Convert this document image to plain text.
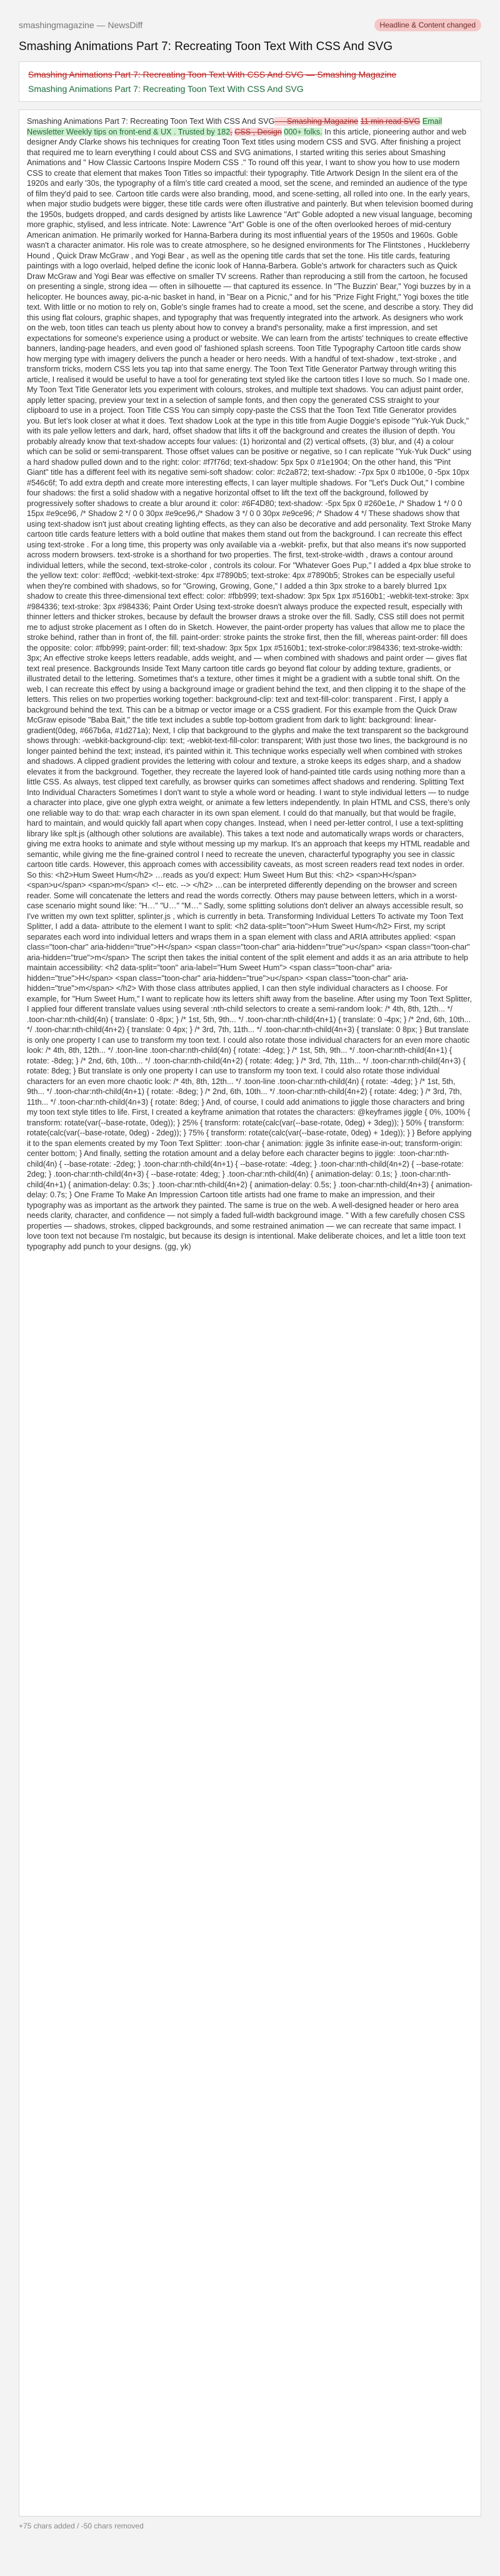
smashingmagazine — NewsDiff	Headline & Content changed
Smashing Animations Part 7: Recreating Toon Text With CSS And SVG
Smashing Animations Part 7: Recreating Toon Text With CSS And SVG — Smashing Magazine
Smashing Animations Part 7: Recreating Toon Text With CSS And SVG
Smashing Animations Part 7: Recreating Toon Text With CSS And SVG — Smashing Magazine 11 min read SVG Email Newsletter Weekly tips on front-end & UX . Trusted by 182, CSS , Design 000+ folks. In this article, pioneering author and web designer Andy Clarke shows his techniques for creating Toon Text titles using modern CSS and SVG. After finishing a project that required me to learn everything I could about CSS and SVG animations, I started writing this series about Smashing Animations and " How Classic Cartoons Inspire Modern CSS ." To round off this year, I want to show you how to use modern CSS to create that element that makes Toon Titles so impactful: their typography. Title Artwork Design In the silent era of the 1920s and early '30s, the typography of a film's title card created a mood, set the scene, and reminded an audience of the type of film they'd paid to see. Cartoon title cards were also branding, mood, and scene-setting, all rolled into one. In the early years, when major studio budgets were bigger, these title cards were often illustrative and painterly. But when television boomed during the 1950s, budgets dropped, and cards designed by artists like Lawrence "Art" Goble adopted a new visual language, becoming more graphic, stylised, and less intricate. Note: Lawrence "Art" Goble is one of the often overlooked heroes of mid-century American animation. He primarily worked for Hanna-Barbera during its most influential years of the 1950s and 1960s. Goble wasn't a character animator. His role was to create atmosphere, so he designed environments for The Flintstones , Huckleberry Hound , Quick Draw McGraw , and Yogi Bear , as well as the opening title cards that set the tone. His title cards, featuring paintings with a logo overlaid, helped define the iconic look of Hanna-Barbera. Goble's artwork for characters such as Quick Draw McGraw and Yogi Bear was effective on smaller TV screens. Rather than reproducing a still from the cartoon, he focused on presenting a single, strong idea — often in silhouette — that captured its essence. In "The Buzzin' Bear," Yogi buzzes by in a helicopter. He bounces away, pic-a-nic basket in hand, in "Bear on a Picnic," and for his "Prize Fight Fright," Yogi boxes the title text. With little or no motion to rely on, Goble's single frames had to create a mood, set the scene, and describe a story. They did this using flat colours, graphic shapes, and typography that was frequently integrated into the artwork. As designers who work on the web, toon titles can teach us plenty about how to convey a brand's personality, make a first impression, and set expectations for someone's experience using a product or website. We can learn from the artists' techniques to create effective banners, landing-page headers, and even good ol' fashioned splash screens. Toon Title Typography Cartoon title cards show how merging type with imagery delivers the punch a header or hero needs. With a handful of text-shadow , text-stroke , and transform tricks, modern CSS lets you tap into that same energy. The Toon Text Title Generator Partway through writing this article, I realised it would be useful to have a tool for generating text styled like the cartoon titles I love so much. So I made one. My Toon Text Title Generator lets you experiment with colours, strokes, and multiple text shadows. You can adjust paint order, apply letter spacing, preview your text in a selection of sample fonts, and then copy the generated CSS straight to your clipboard to use in a project. Toon Title CSS You can simply copy-paste the CSS that the Toon Text Title Generator provides you. But let's look closer at what it does. Text shadow Look at the type in this title from Augie Doggie's episode "Yuk-Yuk Duck," with its pale yellow letters and dark, hard, offset shadow that lifts it off the background and creates the illusion of depth. You probably already know that text-shadow accepts four values: (1) horizontal and (2) vertical offsets, (3) blur, and (4) a colour which can be solid or semi-transparent. Those offset values can be positive or negative, so I can replicate "Yuk-Yuk Duck" using a hard shadow pulled down and to the right: color: #f7f76d; text-shadow: 5px 5px 0 #1e1904; On the other hand, this "Pint Giant" title has a different feel with its negative semi-soft shadow: color: #c2a872; text-shadow: -7px 5px 0 #b100e, 0 -5px 10px #546c6f; To add extra depth and create more interesting effects, I can layer multiple shadows. For "Let's Duck Out," I combine four shadows: the first a solid shadow with a negative horizontal offset to lift the text off the background, followed by progressively softer shadows to create a blur around it: color: #6F4D80; text-shadow: -5px 5px 0 #260e1e, /* Shadow 1 */ 0 0 15px #e9ce96, /* Shadow 2 */ 0 0 30px #e9ce96,/* Shadow 3 */ 0 0 30px #e9ce96; /* Shadow 4 */ These shadows show that using text-shadow isn't just about creating lighting effects, as they can also be decorative and add personality. Text Stroke Many cartoon title cards feature letters with a bold outline that makes them stand out from the background. I can recreate this effect using text-stroke . For a long time, this property was only available via a -webkit- prefix, but that also means it's now supported across modern browsers. text-stroke is a shorthand for two properties. The first, text-stroke-width , draws a contour around individual letters, while the second, text-stroke-color , controls its colour. For "Whatever Goes Pup," I added a 4px blue stroke to the yellow text: color: #eff0cd; -webkit-text-stroke: 4px #7890b5; text-stroke: 4px #7890b5; Strokes can be especially useful when they're combined with shadows, so for "Growing, Growing, Gone," I added a thin 3px stroke to a barely blurred 1px shadow to create this three-dimensional text effect: color: #fbb999; text-shadow: 3px 5px 1px #5160b1; -webkit-text-stroke: 3px #984336; text-stroke: 3px #984336; Paint Order Using text-stroke doesn't always produce the expected result, especially with thinner letters and thicker strokes, because by default the browser draws a stroke over the fill. Sadly, CSS still does not permit me to adjust stroke placement as I often do in Sketch. However, the paint-order property has values that allow me to place the stroke behind, rather than in front of, the fill. paint-order: stroke paints the stroke first, then the fill, whereas paint-order: fill does the opposite: color: #fbb999; paint-order: fill; text-shadow: 3px 5px 1px #5160b1; text-stroke-color:#984336; text-stroke-width: 3px; An effective stroke keeps letters readable, adds weight, and — when combined with shadows and paint order — gives flat text real presence. Backgrounds Inside Text Many cartoon title cards go beyond flat colour by adding texture, gradients, or illustrated detail to the lettering. Sometimes that's a texture, other times it might be a gradient with a subtle tonal shift. On the web, I can recreate this effect by using a background image or gradient behind the text, and then clipping it to the shape of the letters. This relies on two properties working together: background-clip: text and text-fill-color: transparent . First, I apply a background behind the text. This can be a bitmap or vector image or a CSS gradient. For this example from the Quick Draw McGraw episode "Baba Bait," the title text includes a subtle top-bottom gradient from dark to light: background: linear-gradient(0deg, #667b6a, #1d271a); Next, I clip that background to the glyphs and make the text transparent so the background shows through: -webkit-background-clip: text; -webkit-text-fill-color: transparent; With just those two lines, the background is no longer painted behind the text; instead, it's painted within it. This technique works especially well when combined with strokes and shadows. A clipped gradient provides the lettering with colour and texture, a stroke keeps its edges sharp, and a shadow elevates it from the background. Together, they recreate the layered look of hand-painted title cards using nothing more than a little CSS. As always, test clipped text carefully, as browser quirks can sometimes affect shadows and rendering. Splitting Text Into Individual Characters Sometimes I don't want to style a whole word or heading. I want to style individual letters — to nudge a character into place, give one glyph extra weight, or animate a few letters independently. In plain HTML and CSS, there's only one reliable way to do that: wrap each character in its own span element. I could do that manually, but that would be fragile, hard to maintain, and would quickly fall apart when copy changes. Instead, when I need per-letter control, I use a text-splitting library like splt.js (although other solutions are available). This takes a text node and automatically wraps words or characters, giving me extra hooks to animate and style without messing up my markup. It's an approach that keeps my HTML readable and semantic, while giving me the fine-grained control I need to recreate the uneven, characterful typography you see in classic cartoon title cards. However, this approach comes with accessibility caveats, as most screen readers read text nodes in order. So this: <h2>Hum Sweet Hum</h2> …reads as you'd expect: Hum Sweet Hum But this: <h2> <span>H</span> <span>u</span> <span>m</span> <!-- etc. --> </h2> …can be interpreted differently depending on the browser and screen reader. Some will concatenate the letters and read the words correctly. Others may pause between letters, which in a worst-case scenario might sound like: "H…" "U…" "M…" Sadly, some splitting solutions don't deliver an always accessible result, so I've written my own text splitter, splinter.js , which is currently in beta. Transforming Individual Letters To activate my Toon Text Splitter, I add a data- attribute to the element I want to split: <h2 data-split="toon">Hum Sweet Hum</h2> First, my script separates each word into individual letters and wraps them in a span element with class and ARIA attributes applied: <span class="toon-char" aria-hidden="true">H</span> <span class="toon-char" aria-hidden="true">u</span> <span class="toon-char" aria-hidden="true">m</span> The script then takes the initial content of the split element and adds it as an aria attribute to help maintain accessibility: <h2 data-split="toon" aria-label="Hum Sweet Hum"> <span class="toon-char" aria-hidden="true">H</span> <span class="toon-char" aria-hidden="true">u</span> <span class="toon-char" aria-hidden="true">m</span> </h2> With those class attributes applied, I can then style individual characters as I choose. For example, for "Hum Sweet Hum," I want to replicate how its letters shift away from the baseline. After using my Toon Text Splitter, I applied four different translate values using several :nth-child selectors to create a semi-random look: /* 4th, 8th, 12th... */ .toon-char:nth-child(4n) { translate: 0 -8px; } /* 1st, 5th, 9th... */ .toon-char:nth-child(4n+1) { translate: 0 -4px; } /* 2nd, 6th, 10th... */ .toon-char:nth-child(4n+2) { translate: 0 4px; } /* 3rd, 7th, 11th... */ .toon-char:nth-child(4n+3) { translate: 0 8px; } But translate is only one property I can use to transform my toon text. I could also rotate those individual characters for an even more chaotic look: /* 4th, 8th, 12th... */ .toon-line .toon-char:nth-child(4n) { rotate: -4deg; } /* 1st, 5th, 9th... */ .toon-char:nth-child(4n+1) { rotate: -8deg; } /* 2nd, 6th, 10th... */ .toon-char:nth-child(4n+2) { rotate: 4deg; } /* 3rd, 7th, 11th... */ .toon-char:nth-child(4n+3) { rotate: 8deg; } But translate is only one property I can use to transform my toon text. I could also rotate those individual characters for an even more chaotic look: /* 4th, 8th, 12th... */ .toon-line .toon-char:nth-child(4n) { rotate: -4deg; } /* 1st, 5th, 9th... */ .toon-char:nth-child(4n+1) { rotate: -8deg; } /* 2nd, 6th, 10th... */ .toon-char:nth-child(4n+2) { rotate: 4deg; } /* 3rd, 7th, 11th... */ .toon-char:nth-child(4n+3) { rotate: 8deg; } And, of course, I could add animations to jiggle those characters and bring my toon text style titles to life. First, I created a keyframe animation that rotates the characters: @keyframes jiggle { 0%, 100% { transform: rotate(var(--base-rotate, 0deg)); } 25% { transform: rotate(calc(var(--base-rotate, 0deg) + 3deg)); } 50% { transform: rotate(calc(var(--base-rotate, 0deg) - 2deg)); } 75% { transform: rotate(calc(var(--base-rotate, 0deg) + 1deg)); } } Before applying it to the span elements created by my Toon Text Splitter: .toon-char { animation: jiggle 3s infinite ease-in-out; transform-origin: center bottom; } And finally, setting the rotation amount and a delay before each character begins to jiggle: .toon-char:nth-child(4n) { --base-rotate: -2deg; } .toon-char:nth-child(4n+1) { --base-rotate: -4deg; } .toon-char:nth-child(4n+2) { --base-rotate: 2deg; } .toon-char:nth-child(4n+3) { --base-rotate: 4deg; } .toon-char:nth-child(4n) { animation-delay: 0.1s; } .toon-char:nth-child(4n+1) { animation-delay: 0.3s; } .toon-char:nth-child(4n+2) { animation-delay: 0.5s; } .toon-char:nth-child(4n+3) { animation-delay: 0.7s; } One Frame To Make An Impression Cartoon title artists had one frame to make an impression, and their typography was as important as the artwork they painted. The same is true on the web. A well-designed header or hero area needs clarity, character, and confidence — not simply a faded full-width background image. " With a few carefully chosen CSS properties — shadows, strokes, clipped backgrounds, and some restrained animation — we can recreate that same impact. I love toon text not because I'm nostalgic, but because its design is intentional. Make deliberate choices, and let a little toon text typography add punch to your designs. (gg, yk)
+75 chars added / -50 chars removed
